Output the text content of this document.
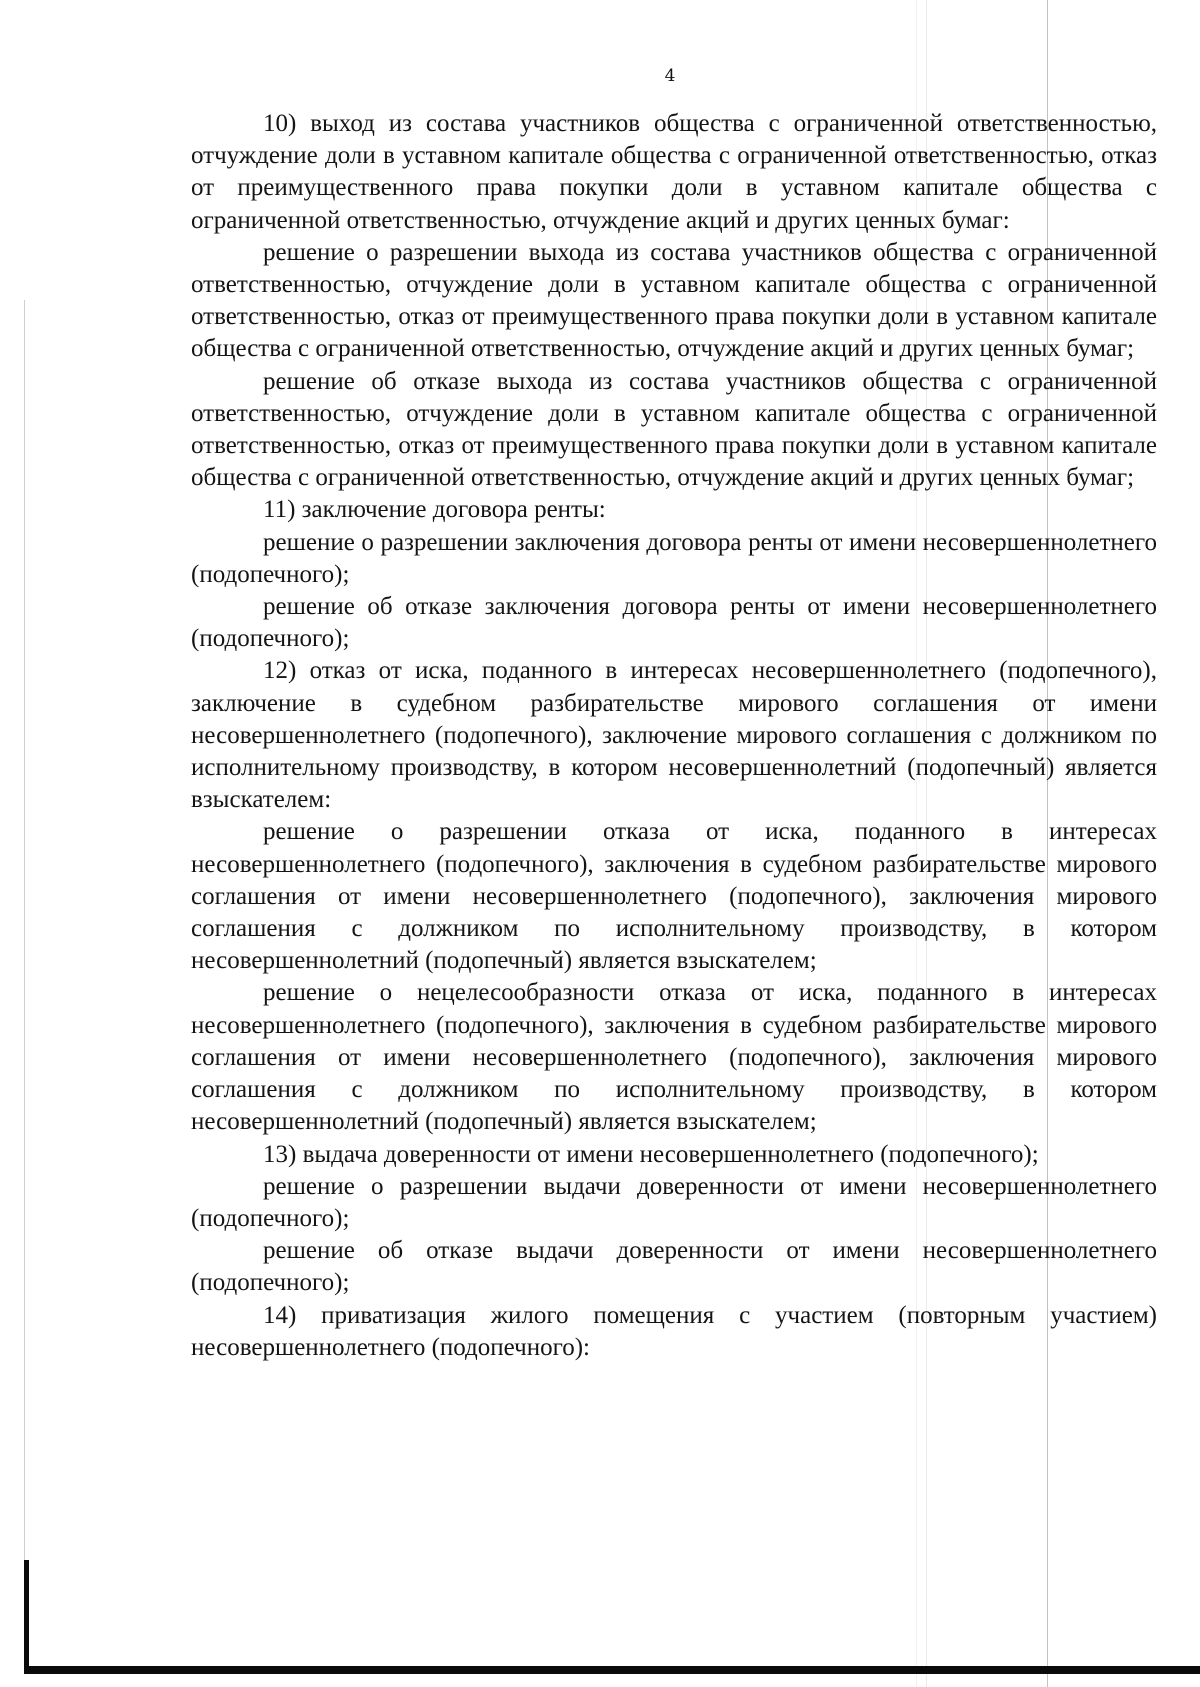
4

10) выход из состава участников общества с ограниченной ответственностью, отчуждение доли в уставном капитале общества с ограниченной ответственностью, отказ от преимущественного права покупки доли в уставном капитале общества с ограниченной ответственностью, отчуждение акций и других ценных бумаг:

решение о разрешении выхода из состава участников общества с ограниченной ответственностью, отчуждение доли в уставном капитале общества с ограниченной ответственностью, отказ от преимущественного права покупки доли в уставном капитале общества с ограниченной ответственностью, отчуждение акций и других ценных бумаг;

решение об отказе выхода из состава участников общества с ограниченной ответственностью, отчуждение доли в уставном капитале общества с ограниченной ответственностью, отказ от преимущественного права покупки доли в уставном капитале общества с ограниченной ответственностью, отчуждение акций и других ценных бумаг;

11) заключение договора ренты:

решение о разрешении заключения договора ренты от имени несовершеннолетнего (подопечного);

решение об отказе заключения договора ренты от имени несовершеннолетнего (подопечного);

12) отказ от иска, поданного в интересах несовершеннолетнего (подопечного), заключение в судебном разбирательстве мирового соглашения от имени несовершеннолетнего (подопечного), заключение мирового соглашения с должником по исполнительному производству, в котором несовершеннолетний (подопечный) является взыскателем:

решение о разрешении отказа от иска, поданного в интересах несовершеннолетнего (подопечного), заключения в судебном разбирательстве мирового соглашения от имени несовершеннолетнего (подопечного), заключения мирового соглашения с должником по исполнительному производству, в котором несовершеннолетний (подопечный) является взыскателем;

решение о нецелесообразности отказа от иска, поданного в интересах несовершеннолетнего (подопечного), заключения в судебном разбирательстве мирового соглашения от имени несовершеннолетнего (подопечного), заключения мирового соглашения с должником по исполнительному производству, в котором несовершеннолетний (подопечный) является взыскателем;

13) выдача доверенности от имени несовершеннолетнего (подопечного);

решение о разрешении выдачи доверенности от имени несовершеннолетнего (подопечного);

решение об отказе выдачи доверенности от имени несовершеннолетнего (подопечного);

14) приватизация жилого помещения с участием (повторным участием) несовершеннолетнего (подопечного):
